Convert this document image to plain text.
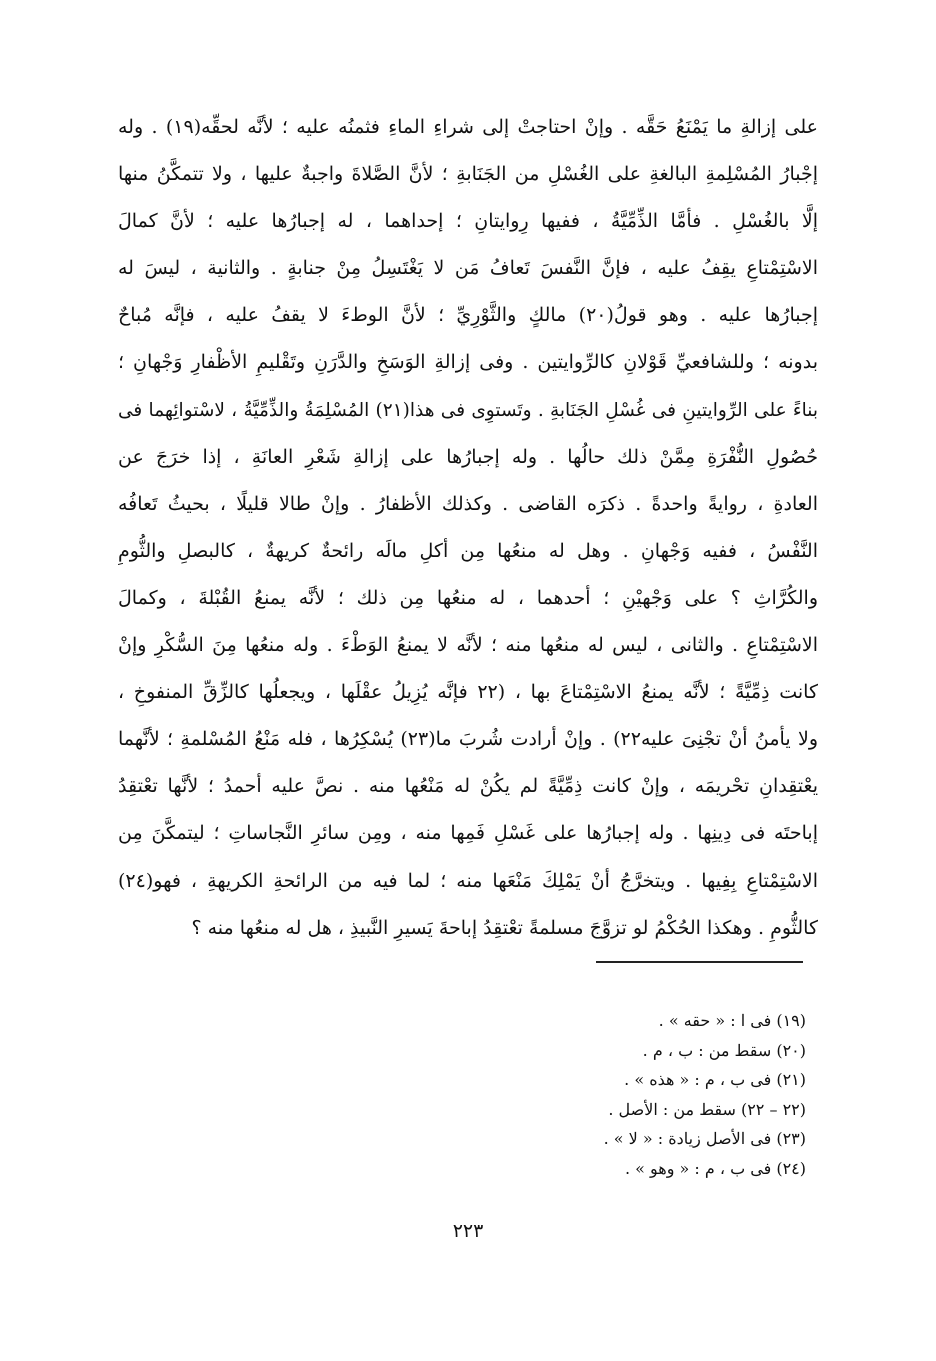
على إزالةِ ما يَمْنَعُ حَقَّه . وإنْ احتاجتْ إلى شراءِ الماءِ فثمنُه عليه ؛ لأنَّه لحقِّه(١٩) . وله
إجْبارُ المُسْلِمةِ البالغةِ على الغُسْلِ من الجَنَابةِ ؛ لأنَّ الصَّلاةَ واجبةٌ عليها ، ولا تتمكَّنُ منها
إلَّا بالغُسْلِ . فأمَّا الذِّمِّيَّةُ ، ففيها رِوايتانِ ؛ إحداهما ، له إجبارُها عليه ؛ لأنَّ كمالَ
الاسْتِمْتاعِ يقِفُ عليه ، فإنَّ النَّفسَ تَعافُ مَن لا يَغْتَسِلُ مِنْ جنابةٍ . والثانية ، ليسَ له
إجبارُها عليه . وهو قولُ(٢٠) مالكٍ والثَّوْرِيِّ ؛ لأنَّ الوطءَ لا يقفُ عليه ، فإنَّه مُباحٌ
بدونه ؛ وللشافعيِّ قَوْلانِ كالرِّوايتين . وفى إزالةِ الوَسَخِ والدَّرَنِ وتَقْليمِ الأظْفارِ وَجْهانِ ؛
بناءً على الرِّوايتينِ فى غُسْلِ الجَنَابةِ . وتَستوِى فى هذا(٢١) المُسْلِمَةُ والذِّمِّيَّةُ ، لاسْتوائِهما فى
حُصُولِ النُّفْرَةِ مِمَّنْ ذلك حالُها . وله إجبارُها على إزالةِ شَعْرِ العانَةِ ، إذا خرَجَ عن
العادةِ ، روايةً واحدةً . ذكرَه القاضى . وكذلك الأظفارُ . وإنْ طالا قليلًا ، بحيثُ تَعافُه
النَّفْسُ ، ففيه وَجْهانِ . وهل له منعُها مِن أكلِ مالَه رائحةٌ كريهةٌ ، كالبصلِ والثُّومِ
والكُرَّاثِ ؟ على وَجْهيْنِ ؛ أحدهما ، له منعُها مِن ذلك ؛ لأنَّه يمنعُ القُبْلةَ ، وكمالَ
الاسْتِمْتاعِ . والثانى ، ليس له منعُها منه ؛ لأنَّه لا يمنعُ الوَطْءَ . وله منعُها مِنَ السُّكْرِ وإنْ
كانت ذِمِّيَّةً ؛ لأنَّه يمنعُ الاسْتِمْتاعَ بها ، (٢٢ فإنَّه يُزِيلُ عقْلَها ، ويجعلُها كالزِّقِّ المنفوخِ ،
ولا يأمنُ أنْ تجْنِىَ عليه٢٢) . وإنْ أرادت شُربَ ما(٢٣) يُسْكِرُها ، فله مَنْعُ المُسْلمةِ ؛ لأنَّهما
يعْتقِدانِ تحْريمَه ، وإنْ كانت ذِمِّيَّةً لم يكُنْ له مَنْعُها منه . نصَّ عليه أحمدُ ؛ لأنَّها تعْتقِدُ
إباحتَه فى دِينِها . وله إجبارُها على غَسْلِ فَمِها منه ، ومِن سائرِ النَّجاساتِ ؛ ليتمكَّنَ مِن
الاسْتِمْتاعِ بِفِيها . ويتخرَّجُ أنْ يَمْلِكَ مَنْعَها منه ؛ لما فيه من الرائحةِ الكريهةِ ، فهو(٢٤)
كالثُّومِ . وهكذا الحُكْمُ لو تزوَّجَ مسلمةً تعْتقِدُ إباحةَ يَسيرِ النَّبيذِ ، هل له منعُها منه ؟
(١٩) فى ا : « حقه » .
(٢٠) سقط من : ب ، م .
(٢١) فى ب ، م : « هذه » .
(٢٢ – ٢٢) سقط من : الأصل .
(٢٣) فى الأصل زيادة : « لا » .
(٢٤) فى ب ، م : « وهو » .
٢٢٣
